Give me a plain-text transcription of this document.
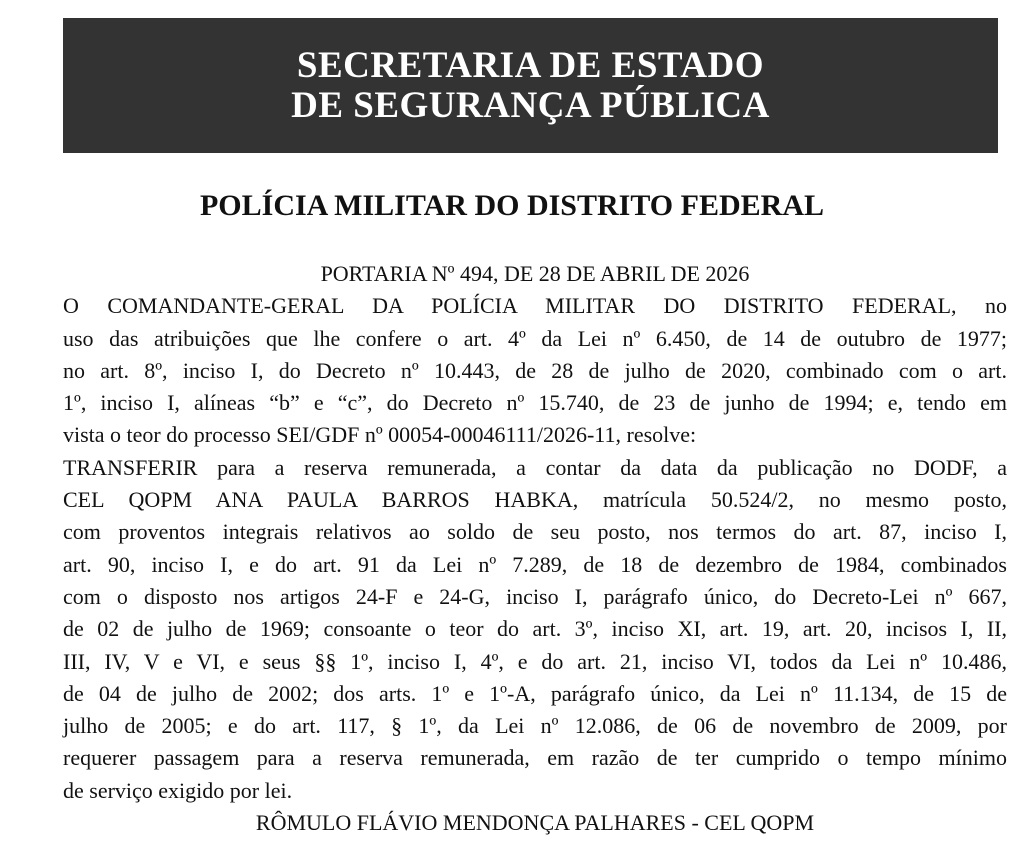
SECRETARIA DE ESTADO
DE SEGURANÇA PÚBLICA
POLÍCIA MILITAR DO DISTRITO FEDERAL
PORTARIA Nº 494, DE 28 DE ABRIL DE 2026
O COMANDANTE-GERAL DA POLÍCIA MILITAR DO DISTRITO FEDERAL, no
uso das atribuições que lhe confere o art. 4º da Lei nº 6.450, de 14 de outubro de 1977;
no art. 8º, inciso I, do Decreto nº 10.443, de 28 de julho de 2020, combinado com o art.
1º, inciso I, alíneas “b” e “c”, do Decreto nº 15.740, de 23 de junho de 1994; e, tendo em
vista o teor do processo SEI/GDF nº 00054-00046111/2026-11, resolve:
TRANSFERIR para a reserva remunerada, a contar da data da publicação no DODF, a
CEL QOPM ANA PAULA BARROS HABKA, matrícula 50.524/2, no mesmo posto,
com proventos integrais relativos ao soldo de seu posto, nos termos do art. 87, inciso I,
art. 90, inciso I, e do art. 91 da Lei nº 7.289, de 18 de dezembro de 1984, combinados
com o disposto nos artigos 24-F e 24-G, inciso I, parágrafo único, do Decreto-Lei nº 667,
de 02 de julho de 1969; consoante o teor do art. 3º, inciso XI, art. 19, art. 20, incisos I, II,
III, IV, V e VI, e seus §§ 1º, inciso I, 4º, e do art. 21, inciso VI, todos da Lei nº 10.486,
de 04 de julho de 2002; dos arts. 1º e 1º-A, parágrafo único, da Lei nº 11.134, de 15 de
julho de 2005; e do art. 117, § 1º, da Lei nº 12.086, de 06 de novembro de 2009, por
requerer passagem para a reserva remunerada, em razão de ter cumprido o tempo mínimo
de serviço exigido por lei.
RÔMULO FLÁVIO MENDONÇA PALHARES - CEL QOPM
